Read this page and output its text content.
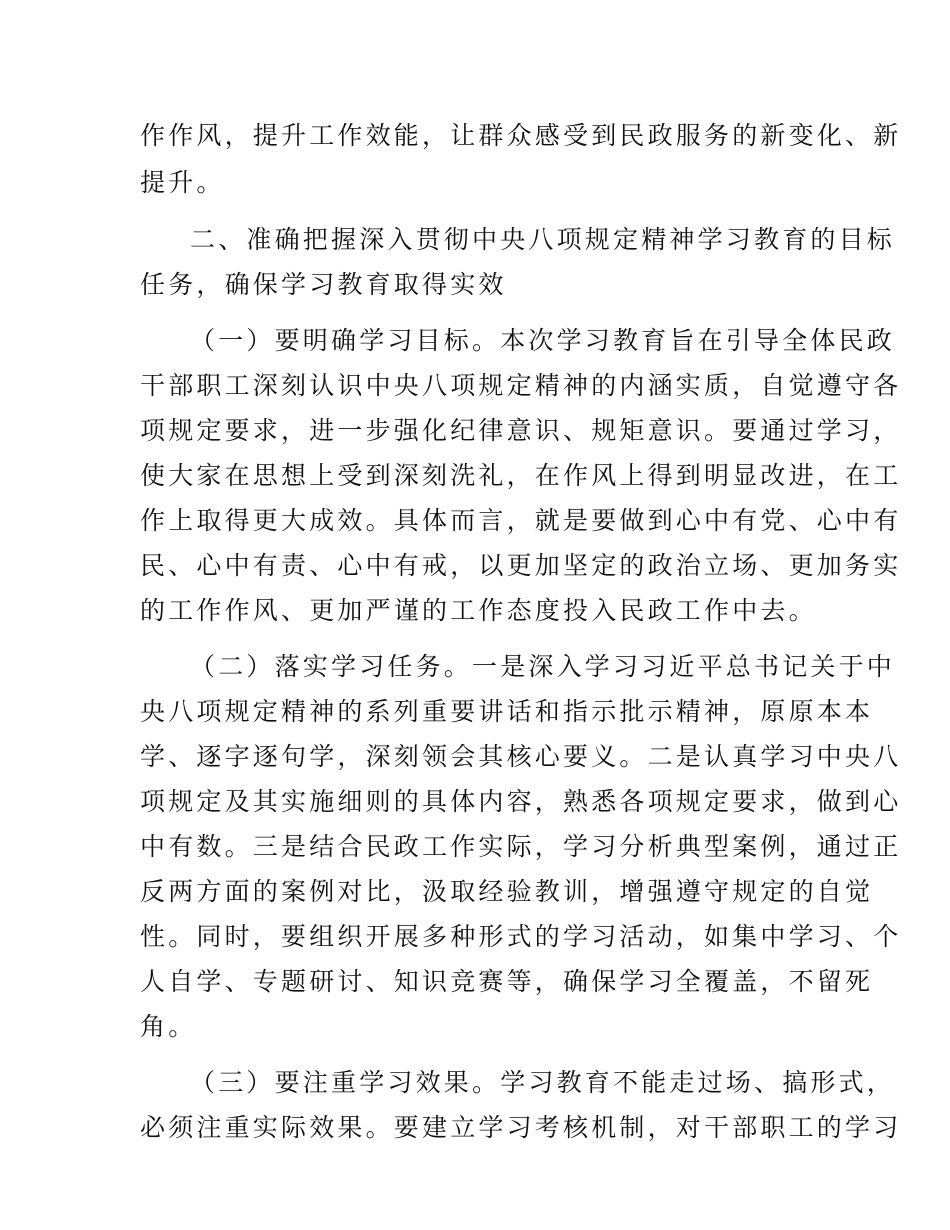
作作风，提升工作效能，让群众感受到民政服务的新变化、新
提升。
二、准确把握深入贯彻中央八项规定精神学习教育的目标
任务，确保学习教育取得实效
（一）要明确学习目标。本次学习教育旨在引导全体民政
干部职工深刻认识中央八项规定精神的内涵实质，自觉遵守各
项规定要求，进一步强化纪律意识、规矩意识。要通过学习，
使大家在思想上受到深刻洗礼，在作风上得到明显改进，在工
作上取得更大成效。具体而言，就是要做到心中有党、心中有
民、心中有责、心中有戒，以更加坚定的政治立场、更加务实
的工作作风、更加严谨的工作态度投入民政工作中去。
（二）落实学习任务。一是深入学习习近平总书记关于中
央八项规定精神的系列重要讲话和指示批示精神，原原本本
学、逐字逐句学，深刻领会其核心要义。二是认真学习中央八
项规定及其实施细则的具体内容，熟悉各项规定要求，做到心
中有数。三是结合民政工作实际，学习分析典型案例，通过正
反两方面的案例对比，汲取经验教训，增强遵守规定的自觉
性。同时，要组织开展多种形式的学习活动，如集中学习、个
人自学、专题研讨、知识竞赛等，确保学习全覆盖，不留死
角。
（三）要注重学习效果。学习教育不能走过场、搞形式，
必须注重实际效果。要建立学习考核机制，对干部职工的学习
